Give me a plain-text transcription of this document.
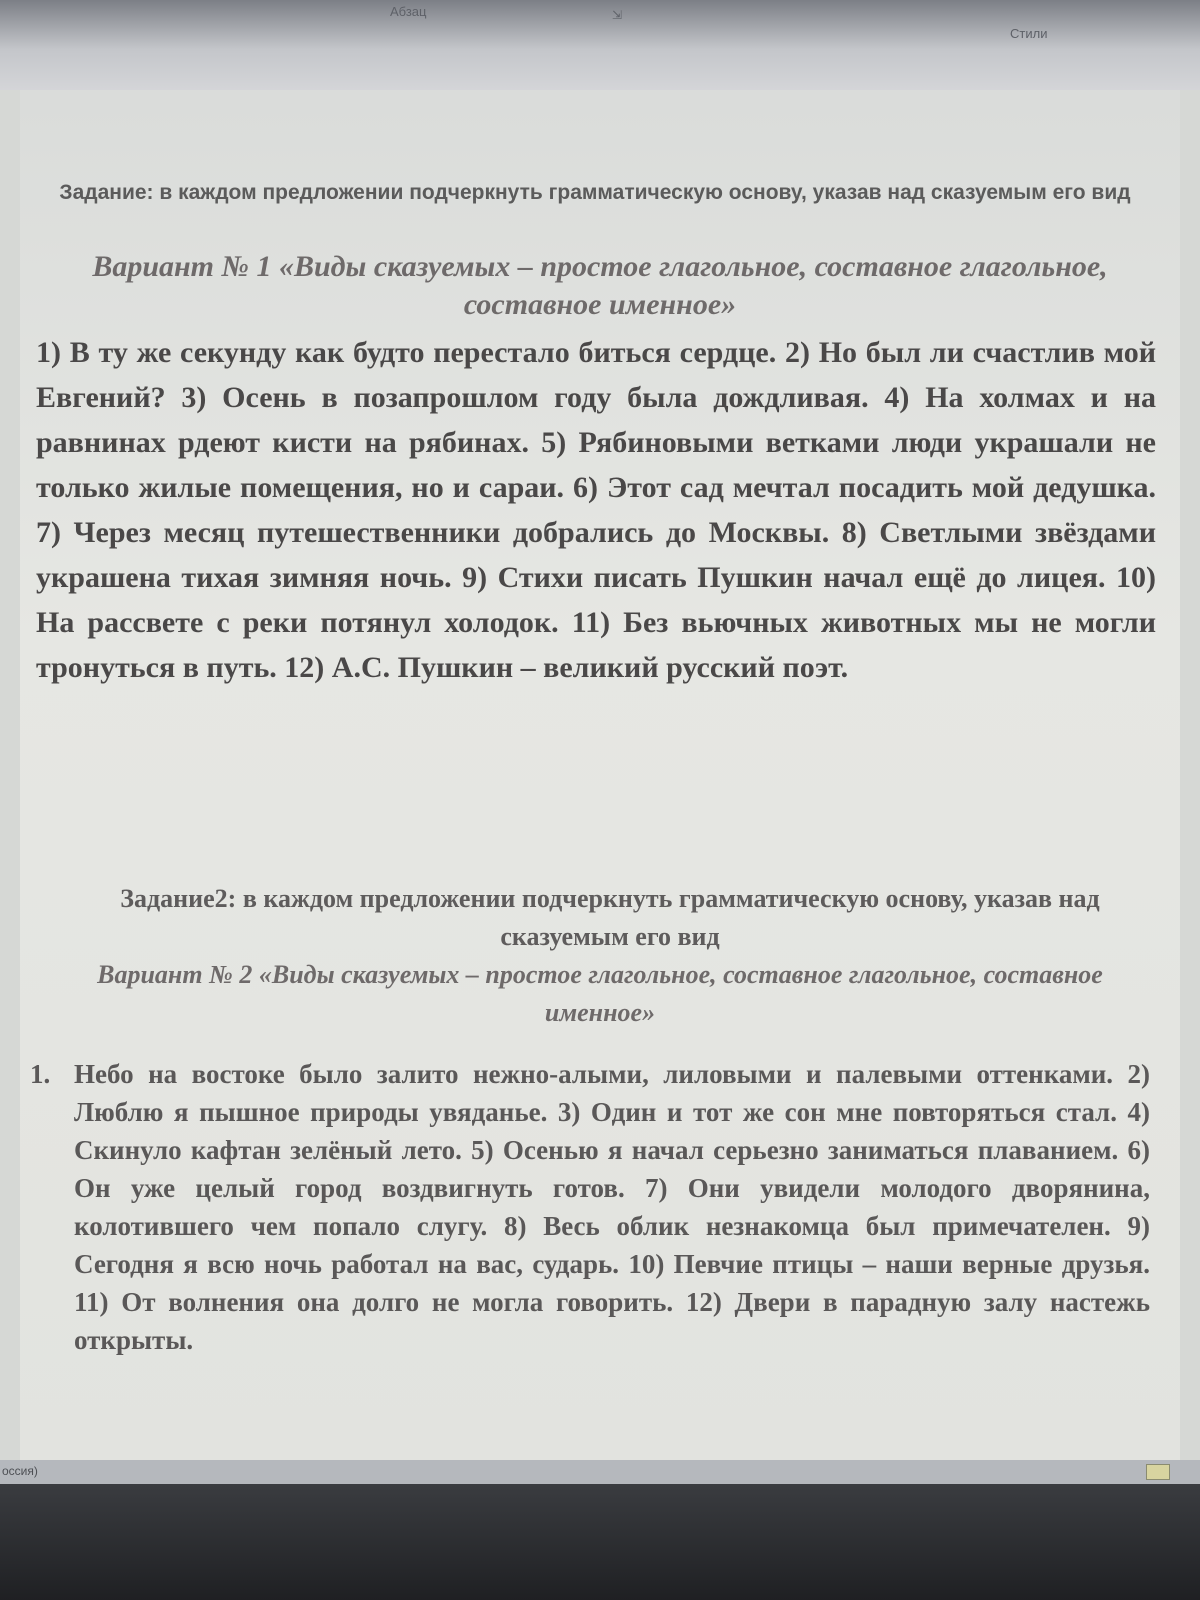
Абзац	⇲
Стили
Задание: в каждом предложении подчеркнуть грамматическую основу, указав над сказуемым его вид
Вариант № 1 «Виды сказуемых – простое глагольное, составное глагольное, составное именное»
1) В ту же секунду как будто перестало биться сердце. 2) Но был ли счастлив мой Евгений? 3) Осень в позапрошлом году была дождливая. 4) На холмах и на равнинах рдеют кисти на рябинах. 5) Рябиновыми ветками люди украшали не только жилые помещения, но и сараи. 6) Этот сад мечтал посадить мой дедушка. 7) Через месяц путешественники добрались до Москвы. 8) Светлыми звёздами украшена тихая зимняя ночь. 9) Стихи писать Пушкин начал ещё до лицея. 10) На рассвете с реки потянул холодок. 11) Без вьючных животных мы не могли тронуться в путь. 12) А.С. Пушкин – великий русский поэт.
Задание2: в каждом предложении подчеркнуть грамматическую основу, указав над сказуемым его вид
Вариант № 2 «Виды сказуемых – простое глагольное, составное глагольное, составное именное»
1. Небо на востоке было залито нежно-алыми, лиловыми и палевыми оттенками. 2) Люблю я пышное природы увяданье. 3) Один и тот же сон мне повторяться стал. 4) Скинуло кафтан зелёный лето. 5) Осенью я начал серьезно заниматься плаванием. 6) Он уже целый город воздвигнуть готов. 7) Они увидели молодого дворянина, колотившего чем попало слугу. 8) Весь облик незнакомца был примечателен. 9) Сегодня я всю ночь работал на вас, сударь. 10) Певчие птицы – наши верные друзья. 11) От волнения она долго не могла говорить. 12) Двери в парадную залу настежь открыты.
оссия)
